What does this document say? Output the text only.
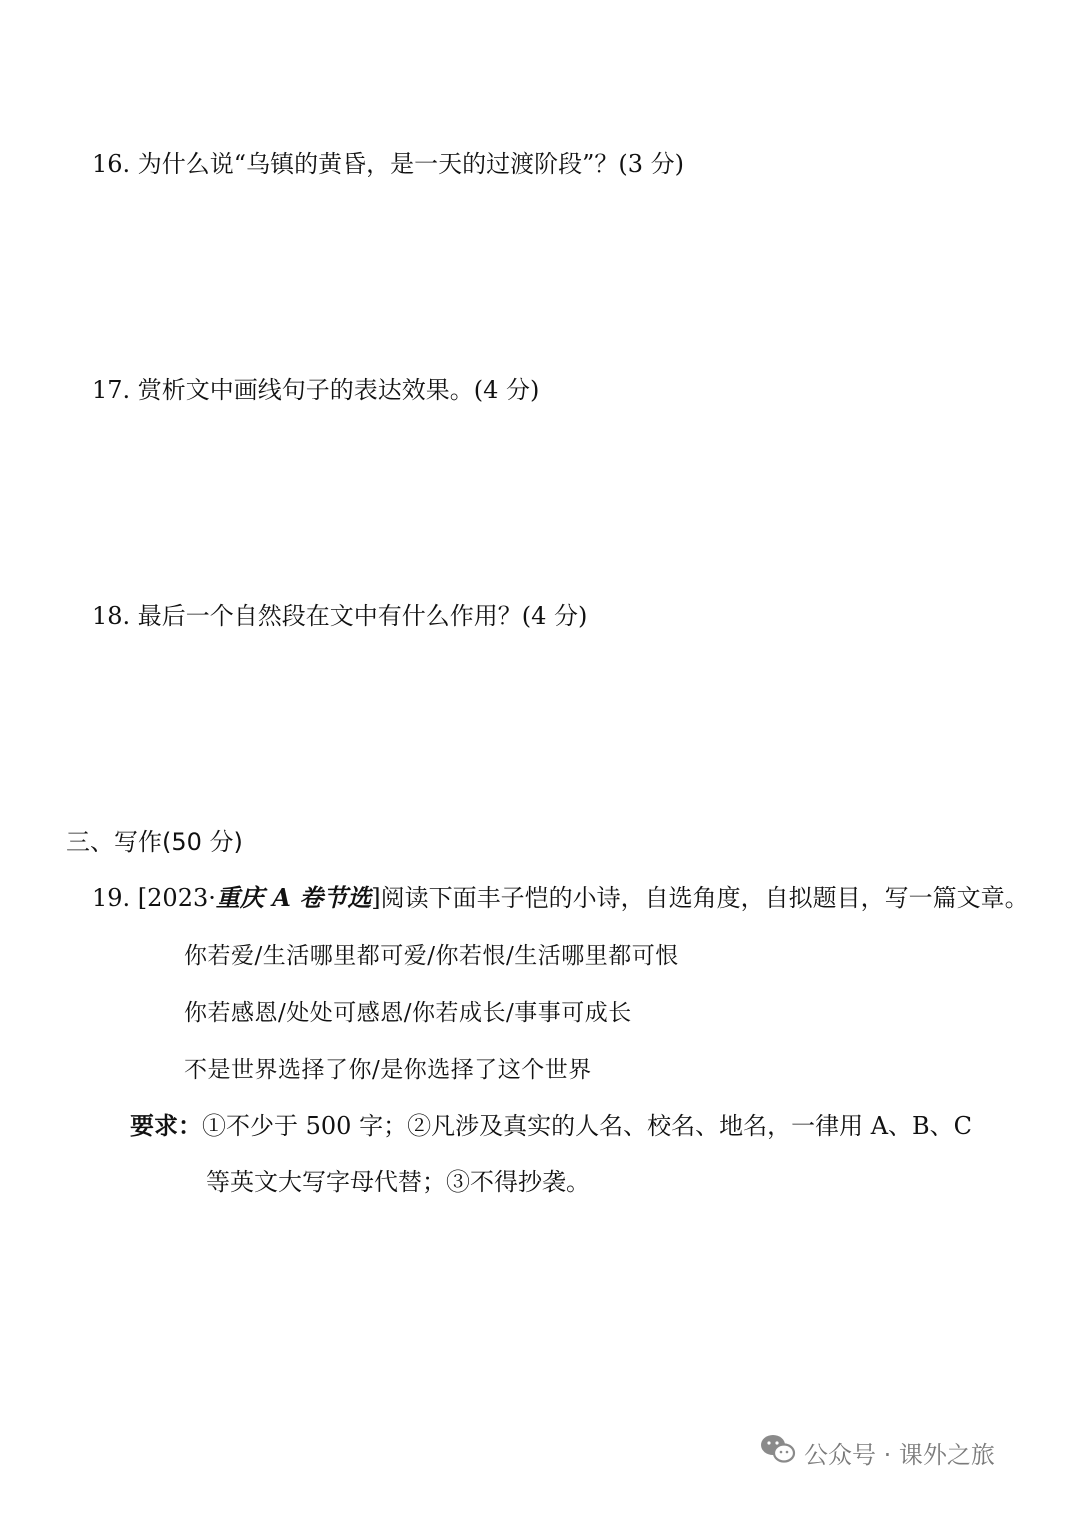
16. 为什么说“乌镇的黄昏，是一天的过渡阶段”？(3 分)
17. 赏析文中画线句子的表达效果。(4 分)
18. 最后一个自然段在文中有什么作用？(4 分)
三、写作(50 分)
19. [2023·重庆 A 卷节选]阅读下面丰子恺的小诗，自选角度，自拟题目，写一篇文章。
你若爱/生活哪里都可爱/你若恨/生活哪里都可恨
你若感恩/处处可感恩/你若成长/事事可成长
不是世界选择了你/是你选择了这个世界
要求：①不少于 500 字；②凡涉及真实的人名、校名、地名，一律用 A、B、C
等英文大写字母代替；③不得抄袭。
公众号 · 课外之旅
